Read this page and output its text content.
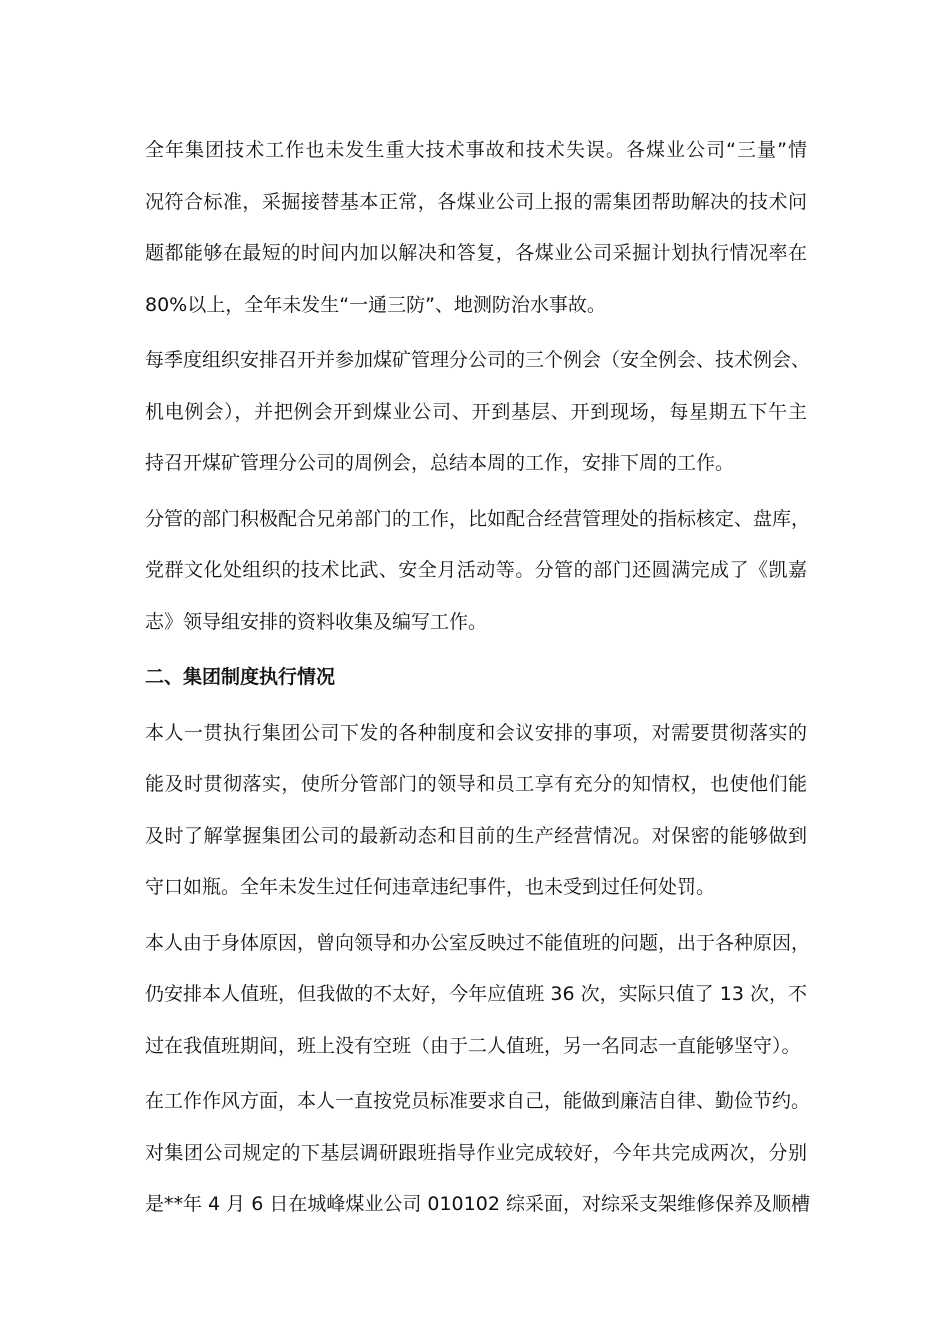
全年集团技术工作也未发生重大技术事故和技术失误。各煤业公司“三量”情
况符合标准，采掘接替基本正常，各煤业公司上报的需集团帮助解决的技术问
题都能够在最短的时间内加以解决和答复，各煤业公司采掘计划执行情况率在
80%以上，全年未发生“一通三防”、地测防治水事故。
每季度组织安排召开并参加煤矿管理分公司的三个例会（安全例会、技术例会、
机电例会），并把例会开到煤业公司、开到基层、开到现场，每星期五下午主
持召开煤矿管理分公司的周例会，总结本周的工作，安排下周的工作。
分管的部门积极配合兄弟部门的工作，比如配合经营管理处的指标核定、盘库，
党群文化处组织的技术比武、安全月活动等。分管的部门还圆满完成了《凯嘉
志》领导组安排的资料收集及编写工作。
二、集团制度执行情况
本人一贯执行集团公司下发的各种制度和会议安排的事项，对需要贯彻落实的
能及时贯彻落实，使所分管部门的领导和员工享有充分的知情权，也使他们能
及时了解掌握集团公司的最新动态和目前的生产经营情况。对保密的能够做到
守口如瓶。全年未发生过任何违章违纪事件，也未受到过任何处罚。
本人由于身体原因，曾向领导和办公室反映过不能值班的问题，出于各种原因，
仍安排本人值班，但我做的不太好，今年应值班 36 次，实际只值了 13 次，不
过在我值班期间，班上没有空班（由于二人值班，另一名同志一直能够坚守）。
在工作作风方面，本人一直按党员标准要求自己，能做到廉洁自律、勤俭节约。
对集团公司规定的下基层调研跟班指导作业完成较好，今年共完成两次，分别
是**年 4 月 6 日在城峰煤业公司 010102 综采面，对综采支架维修保养及顺槽
